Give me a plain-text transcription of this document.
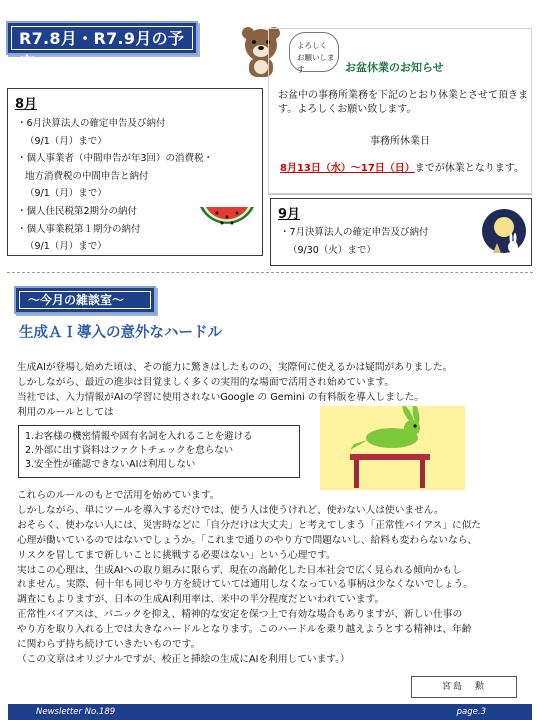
R7.8月・R7.9月の予定
よろしく
お願いします	お盆休業のお知らせ
お盆中の事務所業務を下記のとおり休業とさせて頂きます。よろしくお願い致します。
事務所休業日
8月13日（水）～17日（日）までが休業となります。
8月
・6月決算法人の確定申告及び納付
（9/1（月）まで）
・個人事業者（中間申告が年3回）の消費税・
地方消費税の中間申告と納付
（9/1（月）まで）
・個人住民税第2期分の納付
・個人事業税第１期分の納付
（9/1（月）まで）
9月
・7月決算法人の確定申告及び納付
（9/30（火）まで）
～今月の雑談室～
生成ＡＩ導入の意外なハードル
生成AIが登場し始めた頃は、その能力に驚きはしたものの、実際何に使えるかは疑問がありました。
しかしながら、最近の進歩は目覚ましく多くの実用的な場面で活用され始めています。
当社では、入力情報がAIの学習に使用されないGoogle の Gemini の有料版を導入しました。
利用のルールとしては
1.お客様の機密情報や固有名詞を入れることを避ける
2.外部に出す資料はファクトチェックを怠らない
3.安全性が確認できないAIは利用しない
これらのルールのもとで活用を始めています。
しかしながら、単にツールを導入するだけでは、使う人は使うけれど、使わない人は使いません。
おそらく、使わない人には、災害時などに「自分だけは大丈夫」と考えてしまう「正常性バイアス」に似た
心理が働いているのではないでしょうか。「これまで通りのやり方で問題ないし、給料も変わらないなら、
リスクを冒してまで新しいことに挑戦する必要はない」という心理です。
実はこの心理は、生成AIへの取り組みに限らず、現在の高齢化した日本社会で広く見られる傾向かもし
れません。実際、何十年も同じやり方を続けていては通用しなくなっている事柄は少なくないでしょう。
調査にもよりますが、日本の生成AI利用率は、米中の半分程度だといわれています。
正常性バイアスは、パニックを抑え、精神的な安定を保つ上で有効な場合もありますが、新しい仕事の
やり方を取り入れる上では大きなハードルとなります。このハードルを乗り越えようとする精神は、年齢
に関わらず持ち続けていきたいものです。
（この文章はオリジナルですが、校正と挿絵の生成にAIを利用しています。）
宮島　勲
Newsletter No.189	page.3
